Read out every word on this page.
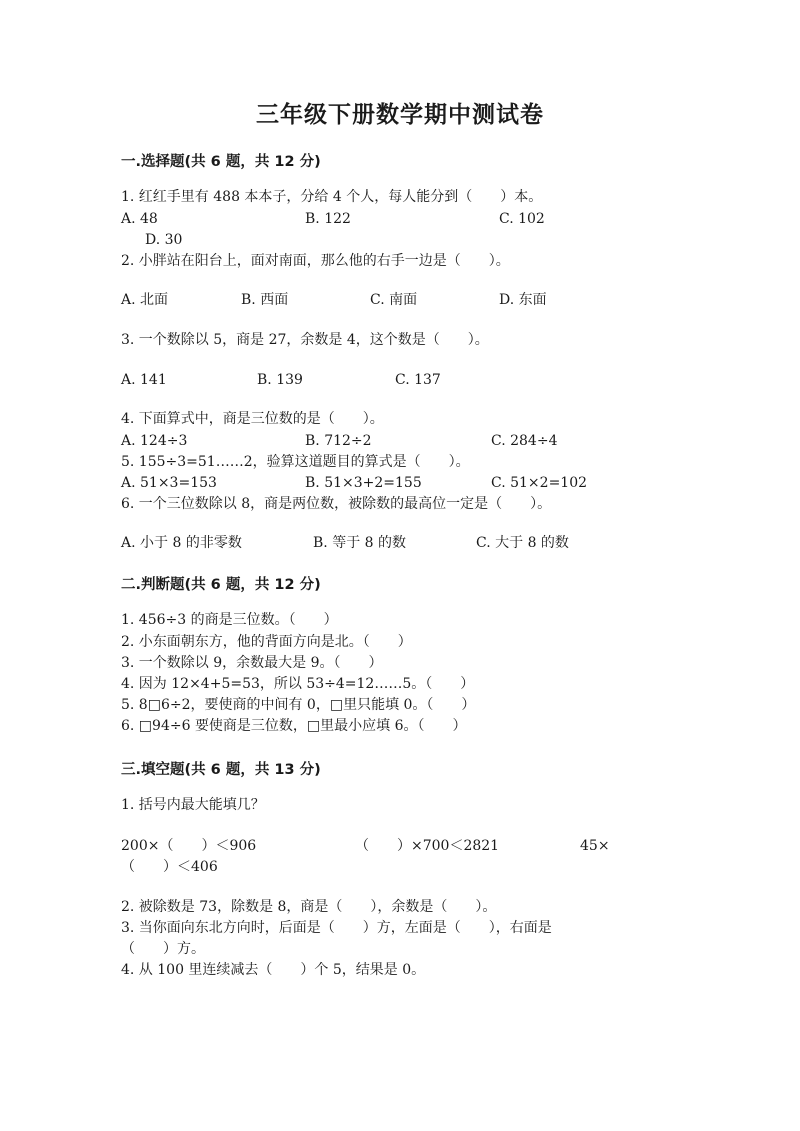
三年级下册数学期中测试卷
一.选择题(共 6 题，共 12 分)
1. 红红手里有 488 本本子，分给 4 个人，每人能分到（　　）本。
A. 48	B. 122	C. 102
D. 30
2. 小胖站在阳台上，面对南面，那么他的右手一边是（　　）。
A. 北面	B. 西面	C. 南面	D. 东面
3. 一个数除以 5，商是 27，余数是 4，这个数是（　　）。
A. 141	B. 139	C. 137
4. 下面算式中，商是三位数的是（　　）。
A. 124÷3	B. 712÷2	C. 284÷4
5. 155÷3=51……2，验算这道题目的算式是（　　）。
A. 51×3=153	B. 51×3+2=155	C. 51×2=102
6. 一个三位数除以 8，商是两位数，被除数的最高位一定是（　　）。
A. 小于 8 的非零数	B. 等于 8 的数	C. 大于 8 的数
二.判断题(共 6 题，共 12 分)
1. 456÷3 的商是三位数。（　　）
2. 小东面朝东方，他的背面方向是北。（　　）
3. 一个数除以 9，余数最大是 9。（　　）
4. 因为 12×4+5=53，所以 53÷4=12……5。（　　）
5. 8□6÷2，要使商的中间有 0，□里只能填 0。（　　）
6. □94÷6 要使商是三位数，□里最小应填 6。（　　）
三.填空题(共 6 题，共 13 分)
1. 括号内最大能填几？
200×（　　）＜906	（　　）×700＜2821	45×
（　　）＜406
2. 被除数是 73，除数是 8，商是（　　），余数是（　　）。
3. 当你面向东北方向时，后面是（　　）方，左面是（　　），右面是
（　　）方。
4. 从 100 里连续减去（　　）个 5，结果是 0。
